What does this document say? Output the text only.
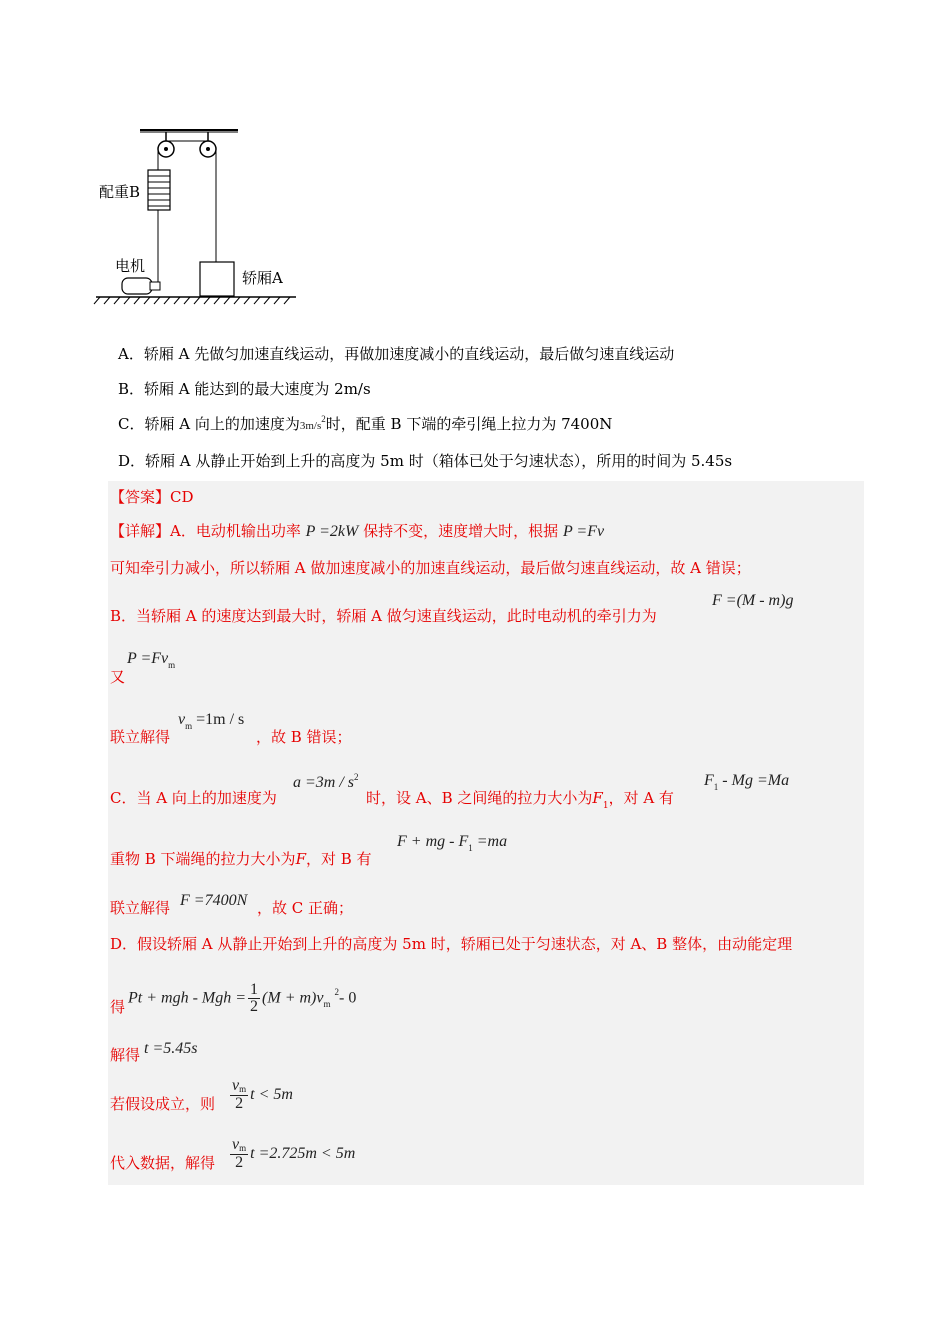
配重B
电机
轿厢A
A．轿厢 A 先做匀加速直线运动，再做加速度减小的直线运动，最后做匀速直线运动
B．轿厢 A 能达到的最大速度为 2m/s
C．轿厢 A 向上的加速度为$3m/s^2$时，配重 B 下端的牵引绳上拉力为 7400N
D．轿厢 A 从静止开始到上升的高度为 5m 时（箱体已处于匀速状态），所用的时间为 5.45s
【答案】CD
【详解】A．电动机输出功率 P =2kW 保持不变，速度增大时，根据 P =Fv
可知牵引力减小，所以轿厢 A 做加速度减小的加速直线运动，最后做匀速直线运动，故 A 错误；
B．当轿厢 A 的速度达到最大时，轿厢 A 做匀速直线运动，此时电动机的牵引力为
F =(M - m)g
又
$P =Fv_m$
联立解得
$v_m =1m / s$
，故 B 错误；
C．当 A 向上的加速度为
$a =3m / s^2$
时，设 A、B 之间绳的拉力大小为$F_1$，对 A 有
$F_1 - Mg =Ma$
重物 B 下端绳的拉力大小为F，对 B 有
F + mg - $F_1 =ma$
联立解得 F =7400N ，故 C 正确；
D．假设轿厢 A 从静止开始到上升的高度为 5m 时，轿厢已处于匀速状态，对 A、B 整体，由动能定理
得 Pt + mgh - Mgh = $\frac{1}{2} (M + m)v_m$ $^2$- 0
解得 t =5.45s
若假设成立，则 $\frac{vm}{2}$ t < 5m
代入数据，解得 $\frac{vm}{2}$ t =2.725m < 5m
